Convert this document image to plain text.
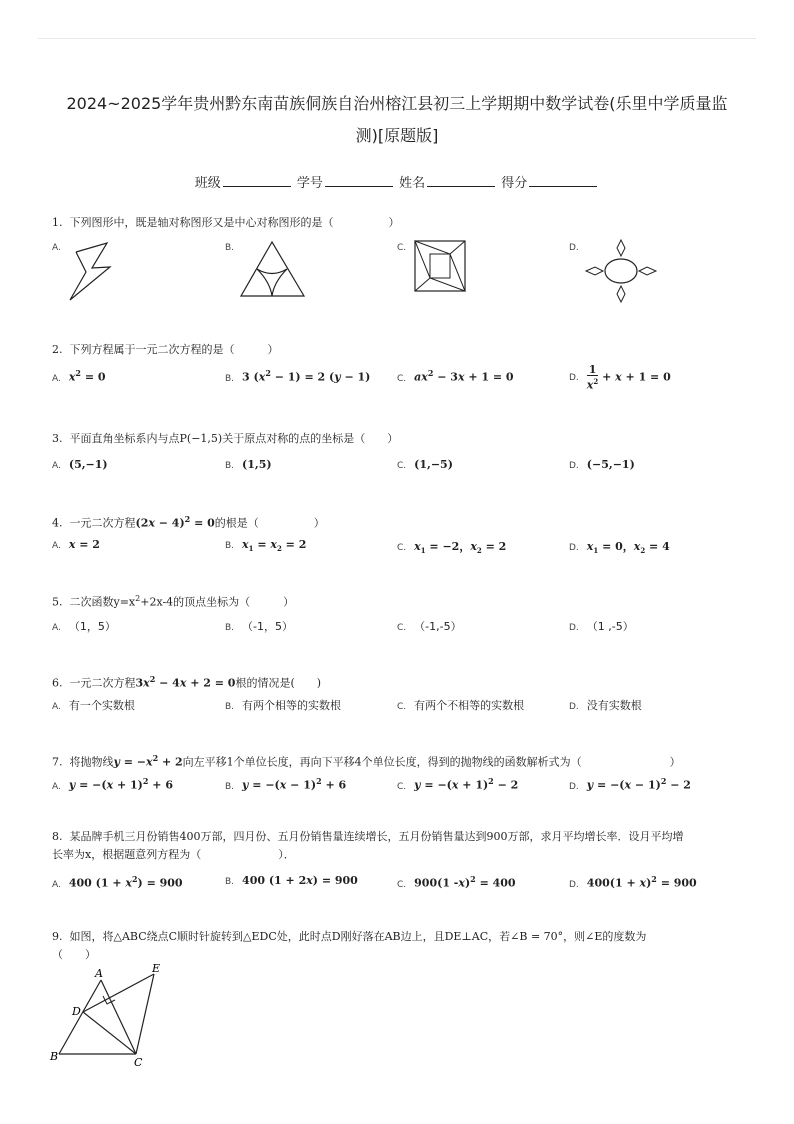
2024~2025学年贵州黔东南苗族侗族自治州榕江县初三上学期期中数学试卷(乐里中学质量监
测)[原题版]
班级	学号	姓名	得分
1. 下列图形中，既是轴对称图形又是中心对称图形的是（　　　　　）
A.	B.	C.	D.
2. 下列方程属于一元二次方程的是（　　　）
A. $x^2 = 0$	B. 3 $(x^2 - 1) = 2$ (y − 1)	C. $ax^2 - 3x + 1 = 0$	D. $\frac{1}{x^2} + x + 1 = 0$
3. 平面直角坐标系内与点P(−1,5)关于原点对称的点的坐标是（　　）
A. (5,−1)	B. (1,5)	C. (1,−5)	D. (−5,−1)
4. 一元二次方程$(2x - 4)^2 = 0$的根是（　　　　　）
A. x = 2	B. $x_1 = x_2 = 2$	C. $x_1 = -2$，$x_2 = 2$	D. $x_1 = 0$，$x_2 = 4$
5. 二次函数$y=x^2+2x-4$的顶点坐标为（　　　）
A. （1，5）	B. （-1，5）	C. （-1,-5）	D. （1 ,-5）
6. 一元二次方程$3x^2 - 4x + 2 = 0$根的情况是(　　)
A. 有一个实数根	B. 有两个相等的实数根	C. 有两个不相等的实数根	D. 没有实数根
7. 将抛物线$y = -x^2 + 2$向左平移1个单位长度，再向下平移4个单位长度，得到的抛物线的函数解析式为（　　　　　　　　）
A. $y = -(x + 1)^2 + 6$	B. $y = -(x - 1)^2 + 6$	C. $y = -(x + 1)^2 - 2$	D. $y = -(x - 1)^2 - 2$
8. 某品牌手机三月份销售400万部，四月份、五月份销售量连续增长，五月份销售量达到900万部，求月平均增长率．设月平均增
长率为x，根据题意列方程为（　　　　　　　）．
A. 400 $(1 + x^2) = 900$	B. 400 (1 + 2x) = 900	C. 900(1 -x)$^2$ = 400	D. $400(1 + x)^2 = 900$
9. 如图，将△ABC绕点C顺时针旋转到△EDC处，此时点D刚好落在AB边上，且DE⊥AC，若∠B = 70°，则∠E的度数为
（　　）
A	E
D
B	C
